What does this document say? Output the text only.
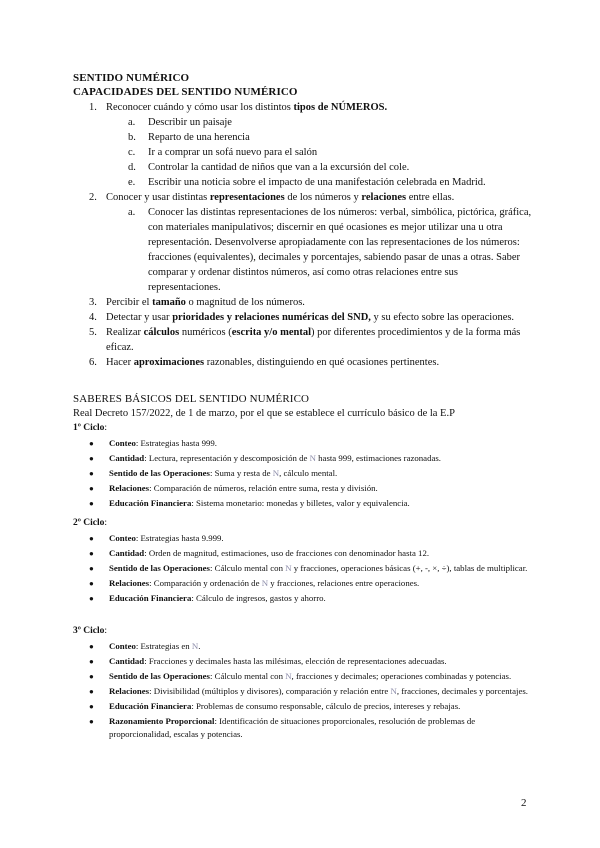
SENTIDO NUMÉRICO
CAPACIDADES DEL SENTIDO NUMÉRICO
1. Reconocer cuándo y cómo usar los distintos tipos de NÚMEROS.
a. Describir un paisaje
b. Reparto de una herencia
c. Ir a comprar un sofá nuevo para el salón
d. Controlar la cantidad de niños que van a la excursión del cole.
e. Escribir una noticia sobre el impacto de una manifestación celebrada en Madrid.
2. Conocer y usar distintas representaciones de los números y relaciones entre ellas.
a. Conocer las distintas representaciones de los números: verbal, simbólica, pictórica, gráfica, con materiales manipulativos; discernir en qué ocasiones es mejor utilizar una u otra representación. Desenvolverse apropiadamente con las representaciones de los números: fracciones (equivalentes), decimales y porcentajes, sabiendo pasar de unas a otras. Saber comparar y ordenar distintos números, así como otras relaciones entre sus representaciones.
3. Percibir el tamaño o magnitud de los números.
4. Detectar y usar prioridades y relaciones numéricas del SND, y su efecto sobre las operaciones.
5. Realizar cálculos numéricos (escrita y/o mental) por diferentes procedimientos y de la forma más eficaz.
6. Hacer aproximaciones razonables, distinguiendo en qué ocasiones pertinentes.
SABERES BÁSICOS DEL SENTIDO NUMÉRICO
Real Decreto 157/2022, de 1 de marzo, por el que se establece el currículo básico de la E.P
1º Ciclo:
● Conteo: Estrategias hasta 999.
● Cantidad: Lectura, representación y descomposición de N hasta 999, estimaciones razonadas.
● Sentido de las Operaciones: Suma y resta de N, cálculo mental.
● Relaciones: Comparación de números, relación entre suma, resta y división.
● Educación Financiera: Sistema monetario: monedas y billetes, valor y equivalencia.
2º Ciclo:
● Conteo: Estrategias hasta 9.999.
● Cantidad: Orden de magnitud, estimaciones, uso de fracciones con denominador hasta 12.
● Sentido de las Operaciones: Cálculo mental con N y fracciones, operaciones básicas (+, -, ×, ÷), tablas de multiplicar.
● Relaciones: Comparación y ordenación de N y fracciones, relaciones entre operaciones.
● Educación Financiera: Cálculo de ingresos, gastos y ahorro.
3º Ciclo:
● Conteo: Estrategias en N.
● Cantidad: Fracciones y decimales hasta las milésimas, elección de representaciones adecuadas.
● Sentido de las Operaciones: Cálculo mental con N, fracciones y decimales; operaciones combinadas y potencias.
● Relaciones: Divisibilidad (múltiplos y divisores), comparación y relación entre N, fracciones, decimales y porcentajes.
● Educación Financiera: Problemas de consumo responsable, cálculo de precios, intereses y rebajas.
● Razonamiento Proporcional: Identificación de situaciones proporcionales, resolución de problemas de proporcionalidad, escalas y potencias.
2
